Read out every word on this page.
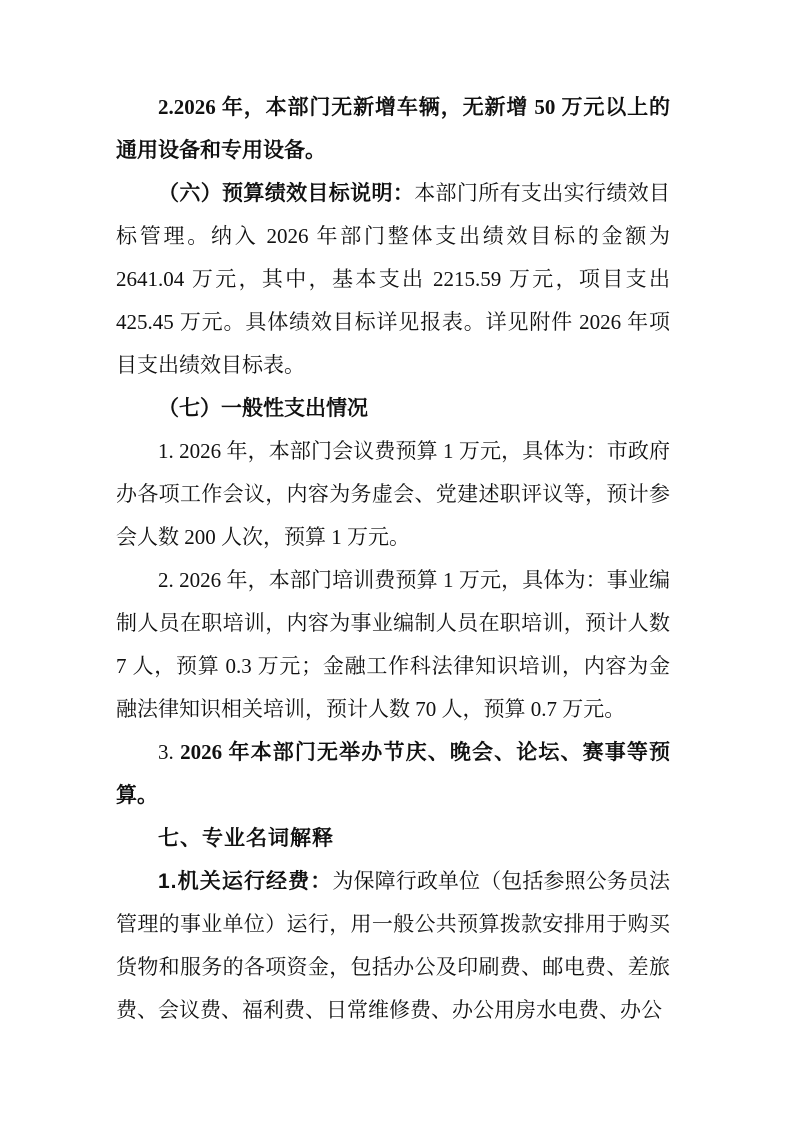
2.2026 年，本部门无新增车辆，无新增 50 万元以上的通用设备和专用设备。

（六）预算绩效目标说明：本部门所有支出实行绩效目标管理。纳入 2026 年部门整体支出绩效目标的金额为 2641.04 万元，其中，基本支出 2215.59 万元，项目支出 425.45 万元。具体绩效目标详见报表。详见附件 2026 年项目支出绩效目标表。

（七）一般性支出情况

1. 2026 年，本部门会议费预算 1 万元，具体为：市政府办各项工作会议，内容为务虚会、党建述职评议等，预计参会人数 200 人次，预算 1 万元。

2. 2026 年，本部门培训费预算 1 万元，具体为：事业编制人员在职培训，内容为事业编制人员在职培训，预计人数 7 人，预算 0.3 万元；金融工作科法律知识培训，内容为金融法律知识相关培训，预计人数 70 人，预算 0.7 万元。

3. 2026 年本部门无举办节庆、晚会、论坛、赛事等预算。

七、专业名词解释

1.机关运行经费：为保障行政单位（包括参照公务员法管理的事业单位）运行，用一般公共预算拨款安排用于购买货物和服务的各项资金，包括办公及印刷费、邮电费、差旅费、会议费、福利费、日常维修费、办公用房水电费、办公
